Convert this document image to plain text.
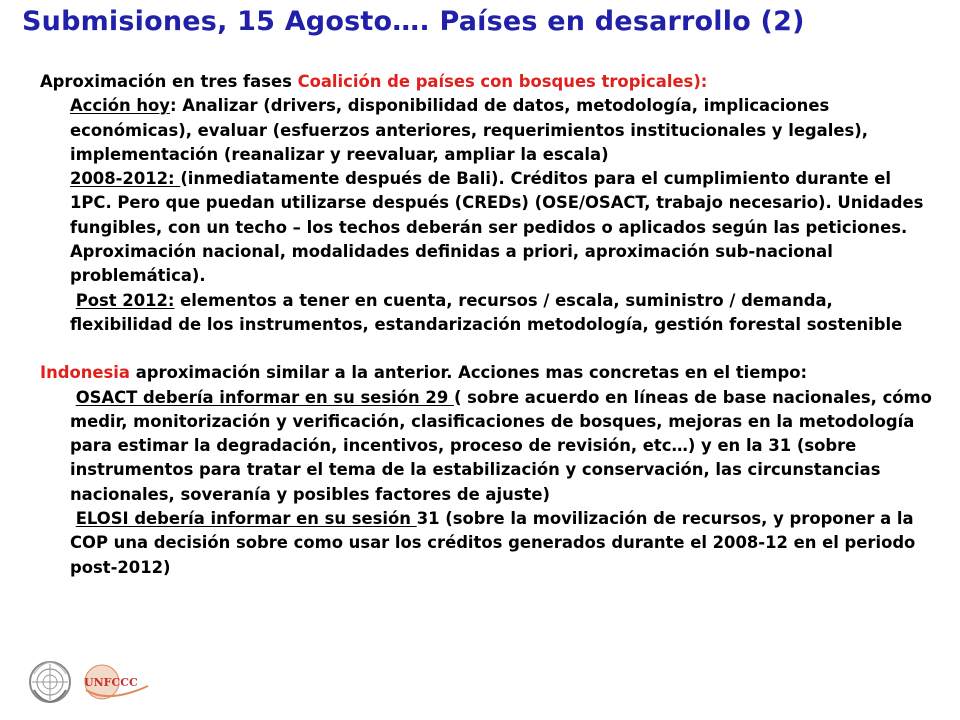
Submisiones, 15 Agosto…. Países en desarrollo (2)

Aproximación en tres fases Coalición de países con bosques tropicales):

Acción hoy: Analizar (drivers, disponibilidad de datos, metodología, implicaciones económicas), evaluar (esfuerzos anteriores, requerimientos institucionales y legales), implementación (reanalizar y reevaluar, ampliar la escala)

2008-2012: (inmediatamente después de Bali). Créditos para el cumplimiento durante el 1PC. Pero que puedan utilizarse después (CREDs) (OSE/OSACT, trabajo necesario). Unidades fungibles, con un techo – los techos deberán ser pedidos o aplicados según las peticiones. Aproximación nacional, modalidades definidas a priori, aproximación sub-nacional problemática).

Post 2012: elementos a tener en cuenta, recursos / escala, suministro / demanda, flexibilidad de los instrumentos, estandarización metodología, gestión forestal sostenible

Indonesia aproximación similar a la anterior. Acciones mas concretas en el tiempo:

OSACT debería informar en su sesión 29 ( sobre acuerdo en líneas de base nacionales, cómo medir, monitorización y verificación, clasificaciones de bosques, mejoras en la metodología para estimar la degradación, incentivos, proceso de revisión, etc…) y en la 31 (sobre instrumentos para tratar el tema de la estabilización y conservación, las circunstancias nacionales, soveranía y posibles factores de ajuste)

ELOSI debería informar en su sesión 31 (sobre la movilización de recursos, y proponer a la COP una decisión sobre como usar los créditos generados durante el 2008-12 en el periodo post-2012)

UNFCCC
